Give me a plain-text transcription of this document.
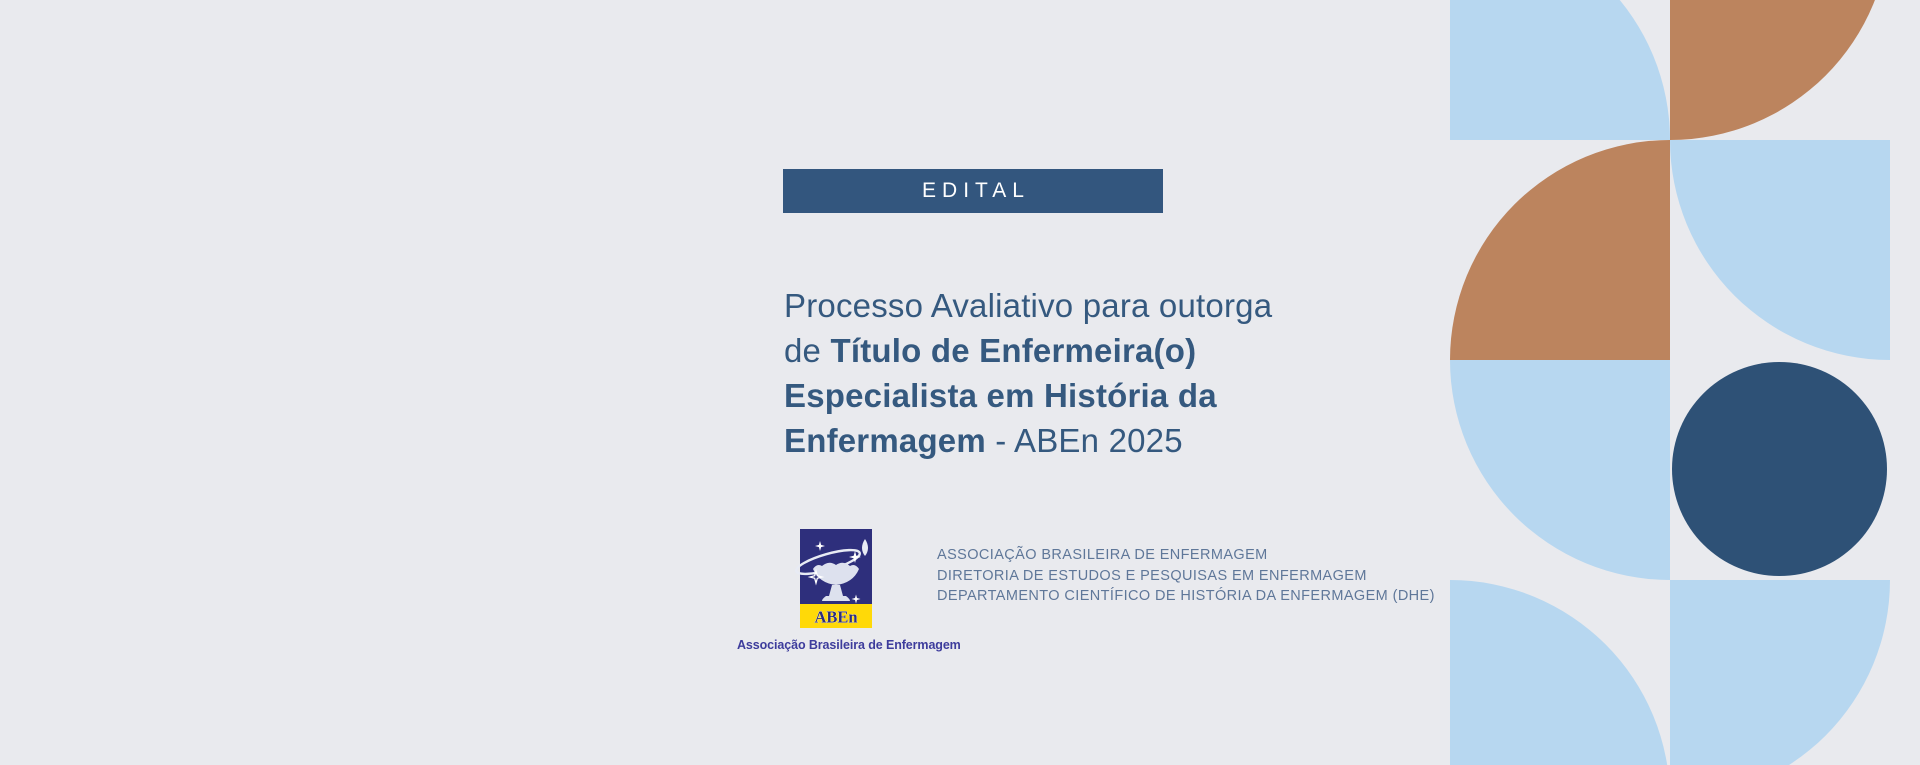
EDITAL
Processo Avaliativo para outorga
de Título de Enfermeira(o)
Especialista em História da
Enfermagem - ABEn 2025
ABEn
Associação Brasileira de Enfermagem
ASSOCIAÇÃO BRASILEIRA DE ENFERMAGEM
DIRETORIA DE ESTUDOS E PESQUISAS EM ENFERMAGEM
DEPARTAMENTO CIENTÍFICO DE HISTÓRIA DA ENFERMAGEM (DHE)
